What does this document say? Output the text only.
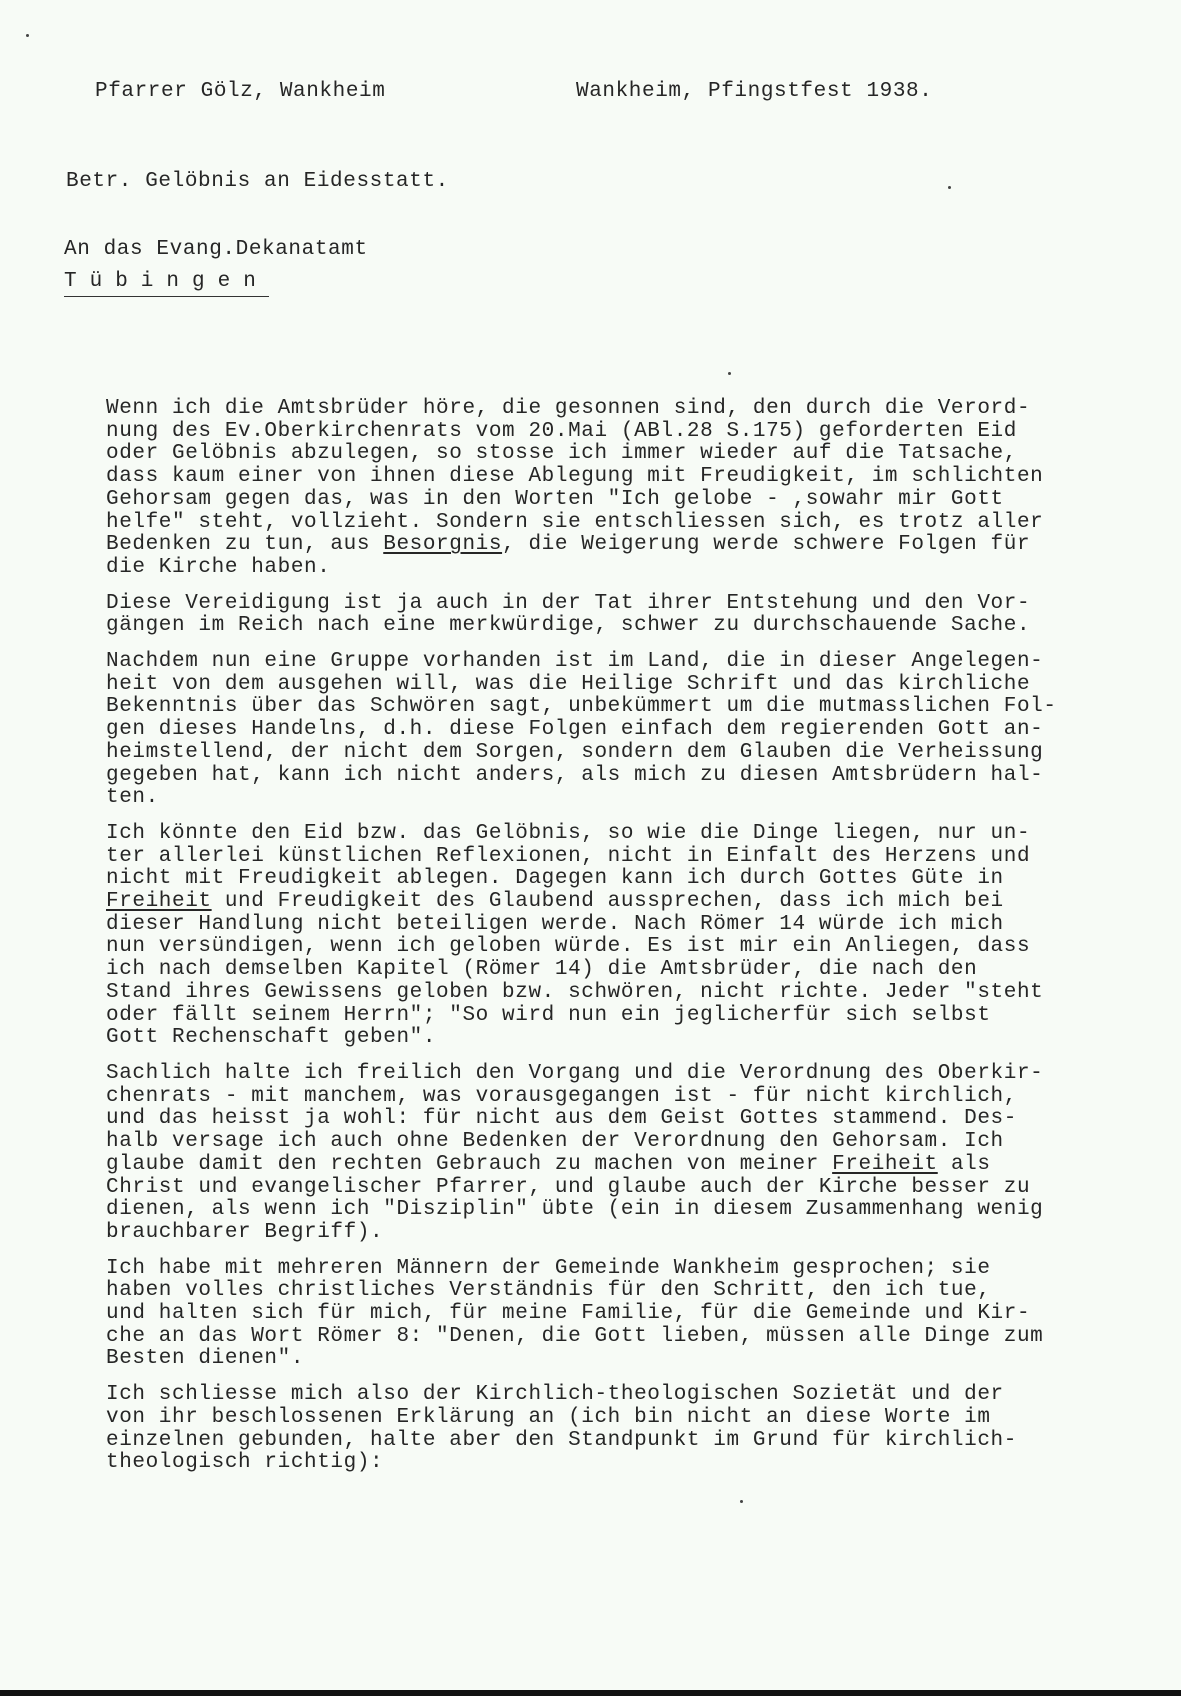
Pfarrer Gölz, Wankheim	Wankheim, Pfingstfest 1938.
Betr. Gelöbnis an Eidesstatt.
An das Evang.Dekanatamt
Tübingen
Wenn ich die Amtsbrüder höre, die gesonnen sind, den durch die Verord-
nung des Ev.Oberkirchenrats vom 20.Mai (ABl.28 S.175) geforderten Eid
oder Gelöbnis abzulegen, so stosse ich immer wieder auf die Tatsache,
dass kaum einer von ihnen diese Ablegung mit Freudigkeit, im schlichten
Gehorsam gegen das, was in den Worten "Ich gelobe - ,sowahr mir Gott
helfe" steht, vollzieht. Sondern sie entschliessen sich, es trotz aller
Bedenken zu tun, aus Besorgnis, die Weigerung werde schwere Folgen für
die Kirche haben.
Diese Vereidigung ist ja auch in der Tat ihrer Entstehung und den Vor-
gängen im Reich nach eine merkwürdige, schwer zu durchschauende Sache.
Nachdem nun eine Gruppe vorhanden ist im Land, die in dieser Angelegen-
heit von dem ausgehen will, was die Heilige Schrift und das kirchliche
Bekenntnis über das Schwören sagt, unbekümmert um die mutmasslichen Fol-
gen dieses Handelns, d.h. diese Folgen einfach dem regierenden Gott an-
heimstellend, der nicht dem Sorgen, sondern dem Glauben die Verheissung
gegeben hat, kann ich nicht anders, als mich zu diesen Amtsbrüdern hal-
ten.
Ich könnte den Eid bzw. das Gelöbnis, so wie die Dinge liegen, nur un-
ter allerlei künstlichen Reflexionen, nicht in Einfalt des Herzens und
nicht mit Freudigkeit ablegen. Dagegen kann ich durch Gottes Güte in
Freiheit und Freudigkeit des Glaubend aussprechen, dass ich mich bei
dieser Handlung nicht beteiligen werde. Nach Römer 14 würde ich mich
nun versündigen, wenn ich geloben würde. Es ist mir ein Anliegen, dass
ich nach demselben Kapitel (Römer 14) die Amtsbrüder, die nach den
Stand ihres Gewissens geloben bzw. schwören, nicht richte. Jeder "steht
oder fällt seinem Herrn"; "So wird nun ein jeglicherfür sich selbst
Gott Rechenschaft geben".
Sachlich halte ich freilich den Vorgang und die Verordnung des Oberkir-
chenrats - mit manchem, was vorausgegangen ist - für nicht kirchlich,
und das heisst ja wohl: für nicht aus dem Geist Gottes stammend. Des-
halb versage ich auch ohne Bedenken der Verordnung den Gehorsam. Ich
glaube damit den rechten Gebrauch zu machen von meiner Freiheit als
Christ und evangelischer Pfarrer, und glaube auch der Kirche besser zu
dienen, als wenn ich "Disziplin" übte (ein in diesem Zusammenhang wenig
brauchbarer Begriff).
Ich habe mit mehreren Männern der Gemeinde Wankheim gesprochen; sie
haben volles christliches Verständnis für den Schritt, den ich tue,
und halten sich für mich, für meine Familie, für die Gemeinde und Kir-
che an das Wort Römer 8: "Denen, die Gott lieben, müssen alle Dinge zum
Besten dienen".
Ich schliesse mich also der Kirchlich-theologischen Sozietät und der
von ihr beschlossenen Erklärung an (ich bin nicht an diese Worte im
einzelnen gebunden, halte aber den Standpunkt im Grund für kirchlich-
theologisch richtig):
